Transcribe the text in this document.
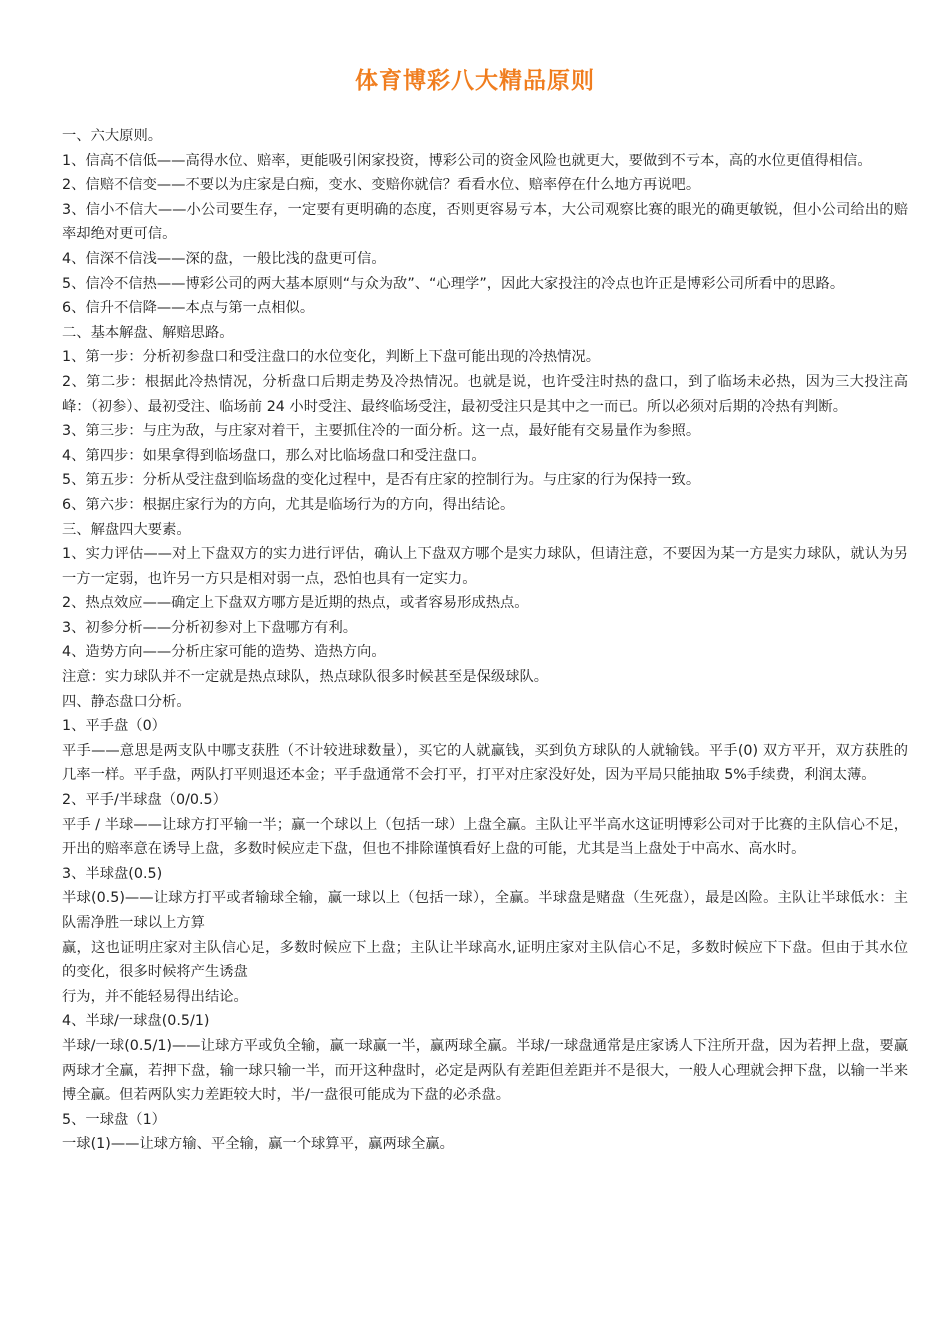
体育博彩八大精品原则

一、六大原则。

1、信高不信低——高得水位、赔率，更能吸引闲家投资，博彩公司的资金风险也就更大，要做到不亏本，高的水位更值得相信。

2、信赔不信变——不要以为庄家是白痴，变水、变赔你就信？看看水位、赔率停在什么地方再说吧。

3、信小不信大——小公司要生存，一定要有更明确的态度，否则更容易亏本，大公司观察比赛的眼光的确更敏锐，但小公司给出的赔率却绝对更可信。

4、信深不信浅——深的盘，一般比浅的盘更可信。

5、信冷不信热——博彩公司的两大基本原则“与众为敌”、“心理学”，因此大家投注的冷点也许正是博彩公司所看中的思路。

6、信升不信降——本点与第一点相似。

二、基本解盘、解赔思路。

1、第一步：分析初参盘口和受注盘口的水位变化，判断上下盘可能出现的冷热情况。

2、第二步：根据此冷热情况，分析盘口后期走势及冷热情况。也就是说，也许受注时热的盘口，到了临场未必热，因为三大投注高峰：（初参）、最初受注、临场前 24 小时受注、最终临场受注，最初受注只是其中之一而已。所以必须对后期的冷热有判断。

3、第三步：与庄为敌，与庄家对着干，主要抓住冷的一面分析。这一点，最好能有交易量作为参照。

4、第四步：如果拿得到临场盘口，那么对比临场盘口和受注盘口。

5、第五步：分析从受注盘到临场盘的变化过程中，是否有庄家的控制行为。与庄家的行为保持一致。

6、第六步：根据庄家行为的方向，尤其是临场行为的方向，得出结论。

三、解盘四大要素。

1、实力评估——对上下盘双方的实力进行评估，确认上下盘双方哪个是实力球队，但请注意，不要因为某一方是实力球队，就认为另一方一定弱，也许另一方只是相对弱一点，恐怕也具有一定实力。

2、热点效应——确定上下盘双方哪方是近期的热点，或者容易形成热点。

3、初参分析——分析初参对上下盘哪方有利。

4、造势方向——分析庄家可能的造势、造热方向。

注意：实力球队并不一定就是热点球队，热点球队很多时候甚至是保级球队。

四、静态盘口分析。

1、平手盘（0）

平手——意思是两支队中哪支获胜（不计较进球数量），买它的人就赢钱，买到负方球队的人就输钱。平手(0) 双方平开，双方获胜的几率一样。平手盘，两队打平则退还本金；平手盘通常不会打平，打平对庄家没好处，因为平局只能抽取 5%手续费，利润太薄。

2、平手/半球盘（0/0.5）

平手 / 半球——让球方打平输一半；赢一个球以上（包括一球）上盘全赢。主队让平半高水这证明博彩公司对于比赛的主队信心不足，开出的赔率意在诱导上盘，多数时候应走下盘，但也不排除谨慎看好上盘的可能，尤其是当上盘处于中高水、高水时。

3、半球盘(0.5)

半球(0.5)——让球方打平或者输球全输，赢一球以上（包括一球），全赢。半球盘是赌盘（生死盘），最是凶险。主队让半球低水：主队需净胜一球以上方算

赢，这也证明庄家对主队信心足，多数时候应下上盘；主队让半球高水,证明庄家对主队信心不足，多数时候应下下盘。但由于其水位的变化，很多时候将产生诱盘

行为，并不能轻易得出结论。

4、半球/一球盘(0.5/1)

半球/一球(0.5/1)——让球方平或负全输，赢一球赢一半，赢两球全赢。半球/一球盘通常是庄家诱人下注所开盘，因为若押上盘，要赢两球才全赢，若押下盘，输一球只输一半，而开这种盘时，必定是两队有差距但差距并不是很大，一般人心理就会押下盘，以输一半来博全赢。但若两队实力差距较大时，半/一盘很可能成为下盘的必杀盘。

5、一球盘（1）

一球(1)——让球方输、平全输，赢一个球算平，赢两球全赢。
